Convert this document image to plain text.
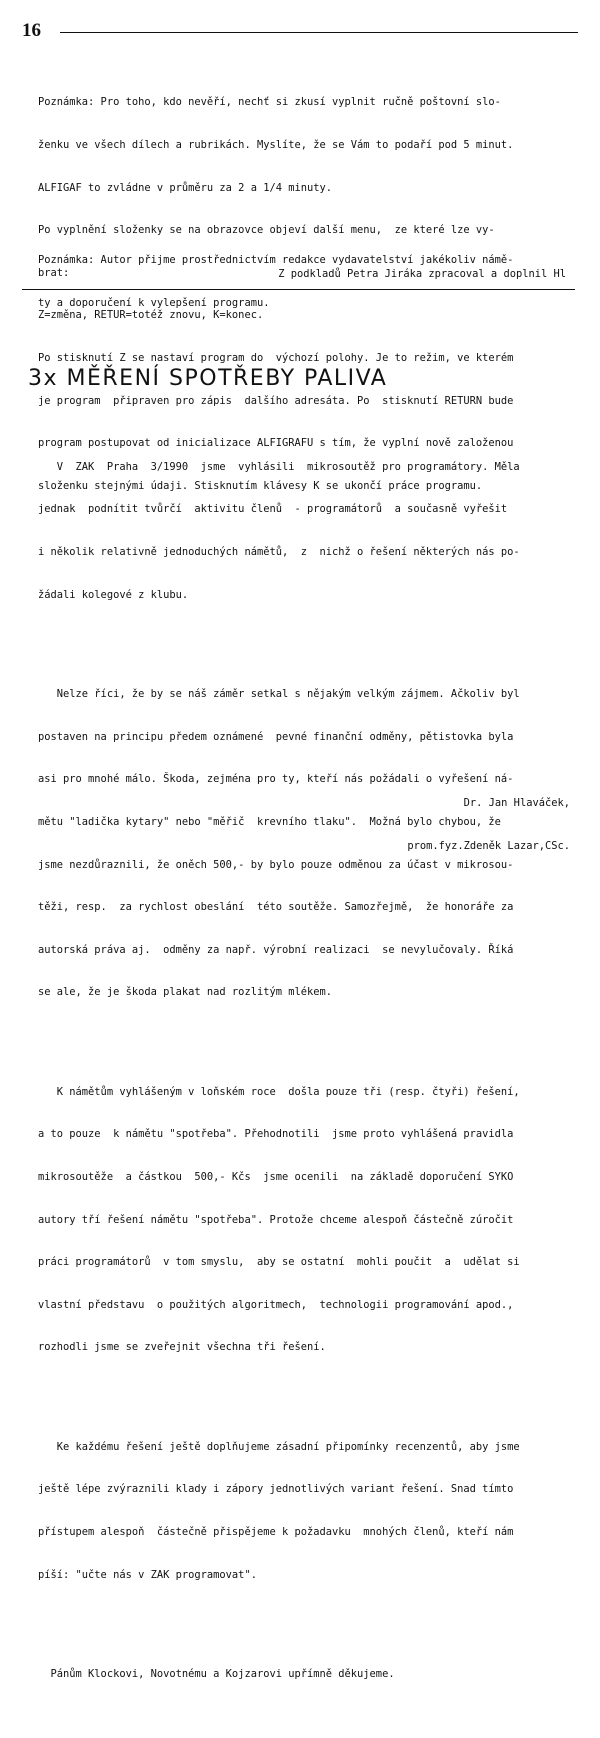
16

Poznámka: Pro toho, kdo nevěří, nechť si zkusí vyplnit ručně poštovní slo-

ženku ve všech dílech a rubrikách. Myslíte, že se Vám to podaří pod 5 minut.

ALFIGAF to zvládne v průměru za 2 a 1/4 minuty.

Po vyplnění složenky se na obrazovce objeví další menu,  ze které lze vy-

brat:

Z=změna, RETUR=totéž znovu, K=konec.

Po stisknutí Z se nastaví program do  výchozí polohy. Je to režim, ve kterém

je program  připraven pro zápis  dalšího adresáta. Po  stisknutí RETURN bude

program postupovat od inicializace ALFIGRAFU s tím, že vyplní nově založenou

složenku stejnými údaji. Stisknutím klávesy K se ukončí práce programu.

Poznámka: Autor přijme prostřednictvím redakce vydavatelství jakékoliv námě-

ty a doporučení k vylepšení programu.

Z podkladů Petra Jiráka zpracoval a doplnil Hl
3x MĚŘENÍ SPOTŘEBY PALIVA

V  ZAK  Praha  3/1990  jsme  vyhlásili  mikrosoutěž pro programátory. Měla

jednak  podnítit tvůrčí  aktivitu členů  - programátorů  a současně vyřešit

i několik relativně jednoduchých námětů,  z  nichž o řešení některých nás po-

žádali kolegové z klubu.

Nelze říci, že by se náš záměr setkal s nějakým velkým zájmem. Ačkoliv byl

postaven na principu předem oznámené  pevné finanční odměny, pětistovka byla

asi pro mnohé málo. Škoda, zejména pro ty, kteří nás požádali o vyřešení ná-

mětu "ladička kytary" nebo "měřič  krevního tlaku".  Možná bylo chybou, že

jsme nezdůraznili, že oněch 500,- by bylo pouze odměnou za účast v mikrosou-

těži, resp.  za rychlost obeslání  této soutěže. Samozřejmě,  že honoráře za

autorská práva aj.  odměny za např. výrobní realizaci  se nevylučovaly. Říká

se ale, že je škoda plakat nad rozlitým mlékem.

K námětům vyhlášeným v loňském roce  došla pouze tři (resp. čtyři) řešení,

a to pouze  k námětu "spotřeba". Přehodnotili  jsme proto vyhlášená pravidla

mikrosoutěže  a částkou  500,- Kčs  jsme ocenili  na základě doporučení SYKO

autory tří řešení námětu "spotřeba". Protože chceme alespoň částečně zúročit

práci programátorů  v tom smyslu,  aby se ostatní  mohli poučit  a  udělat si

vlastní představu  o použitých algoritmech,  technologii programování apod.,

rozhodli jsme se zveřejnit všechna tři řešení.

Ke každému řešení ještě doplňujeme zásadní připomínky recenzentů, aby jsme

ještě lépe zvýraznili klady i zápory jednotlivých variant řešení. Snad tímto

přístupem alespoň  částečně přispějeme k požadavku  mnohých členů, kteří nám

píší: "učte nás v ZAK programovat".

Pánům Klockovi, Novotnému a Kojzarovi upřímně děkujeme.

Dr. Jan Hlaváček,

prom.fyz.Zdeněk Lazar,CSc.
